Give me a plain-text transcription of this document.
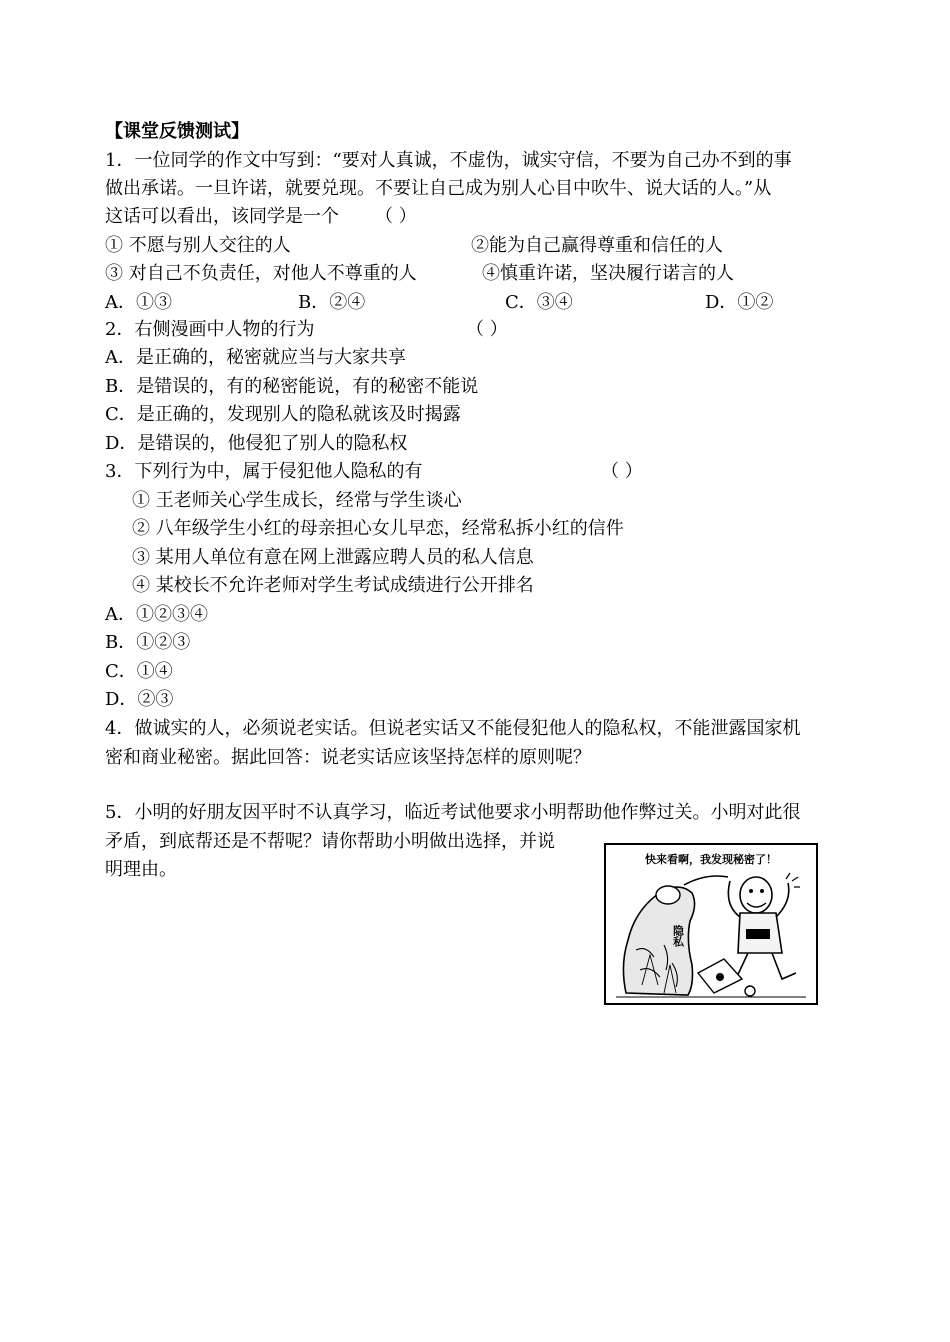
【课堂反馈测试】
1．一位同学的作文中写到：“要对人真诚，不虚伪，诚实守信，不要为自己办不到的事
做出承诺。一旦许诺，就要兑现。不要让自己成为别人心目中吹牛、说大话的人。”从
这话可以看出，该同学是一个 （ ）
① 不愿与别人交往的人	②能为自己赢得尊重和信任的人
③ 对自己不负责任，对他人不尊重的人	④慎重许诺，坚决履行诺言的人
A．①③	B．②④	C．③④	D．①②
2．右侧漫画中人物的行为	（ ）
A．是正确的，秘密就应当与大家共享
B．是错误的，有的秘密能说，有的秘密不能说
C．是正确的，发现别人的隐私就该及时揭露
D．是错误的，他侵犯了别人的隐私权
3．下列行为中，属于侵犯他人隐私的有	（ ）
① 王老师关心学生成长，经常与学生谈心
② 八年级学生小红的母亲担心女儿早恋，经常私拆小红的信件
③ 某用人单位有意在网上泄露应聘人员的私人信息
④ 某校长不允许老师对学生考试成绩进行公开排名
A．①②③④
B．①②③
C．①④
D．②③
4．做诚实的人，必须说老实话。但说老实话又不能侵犯他人的隐私权，不能泄露国家机
密和商业秘密。据此回答：说老实话应该坚持怎样的原则呢？
5．小明的好朋友因平时不认真学习，临近考试他要求小明帮助他作弊过关。小明对此很
矛盾，到底帮还是不帮呢？请你帮助小明做出选择，并说
明理由。	快来看啊，我发现秘密了！
隐私
